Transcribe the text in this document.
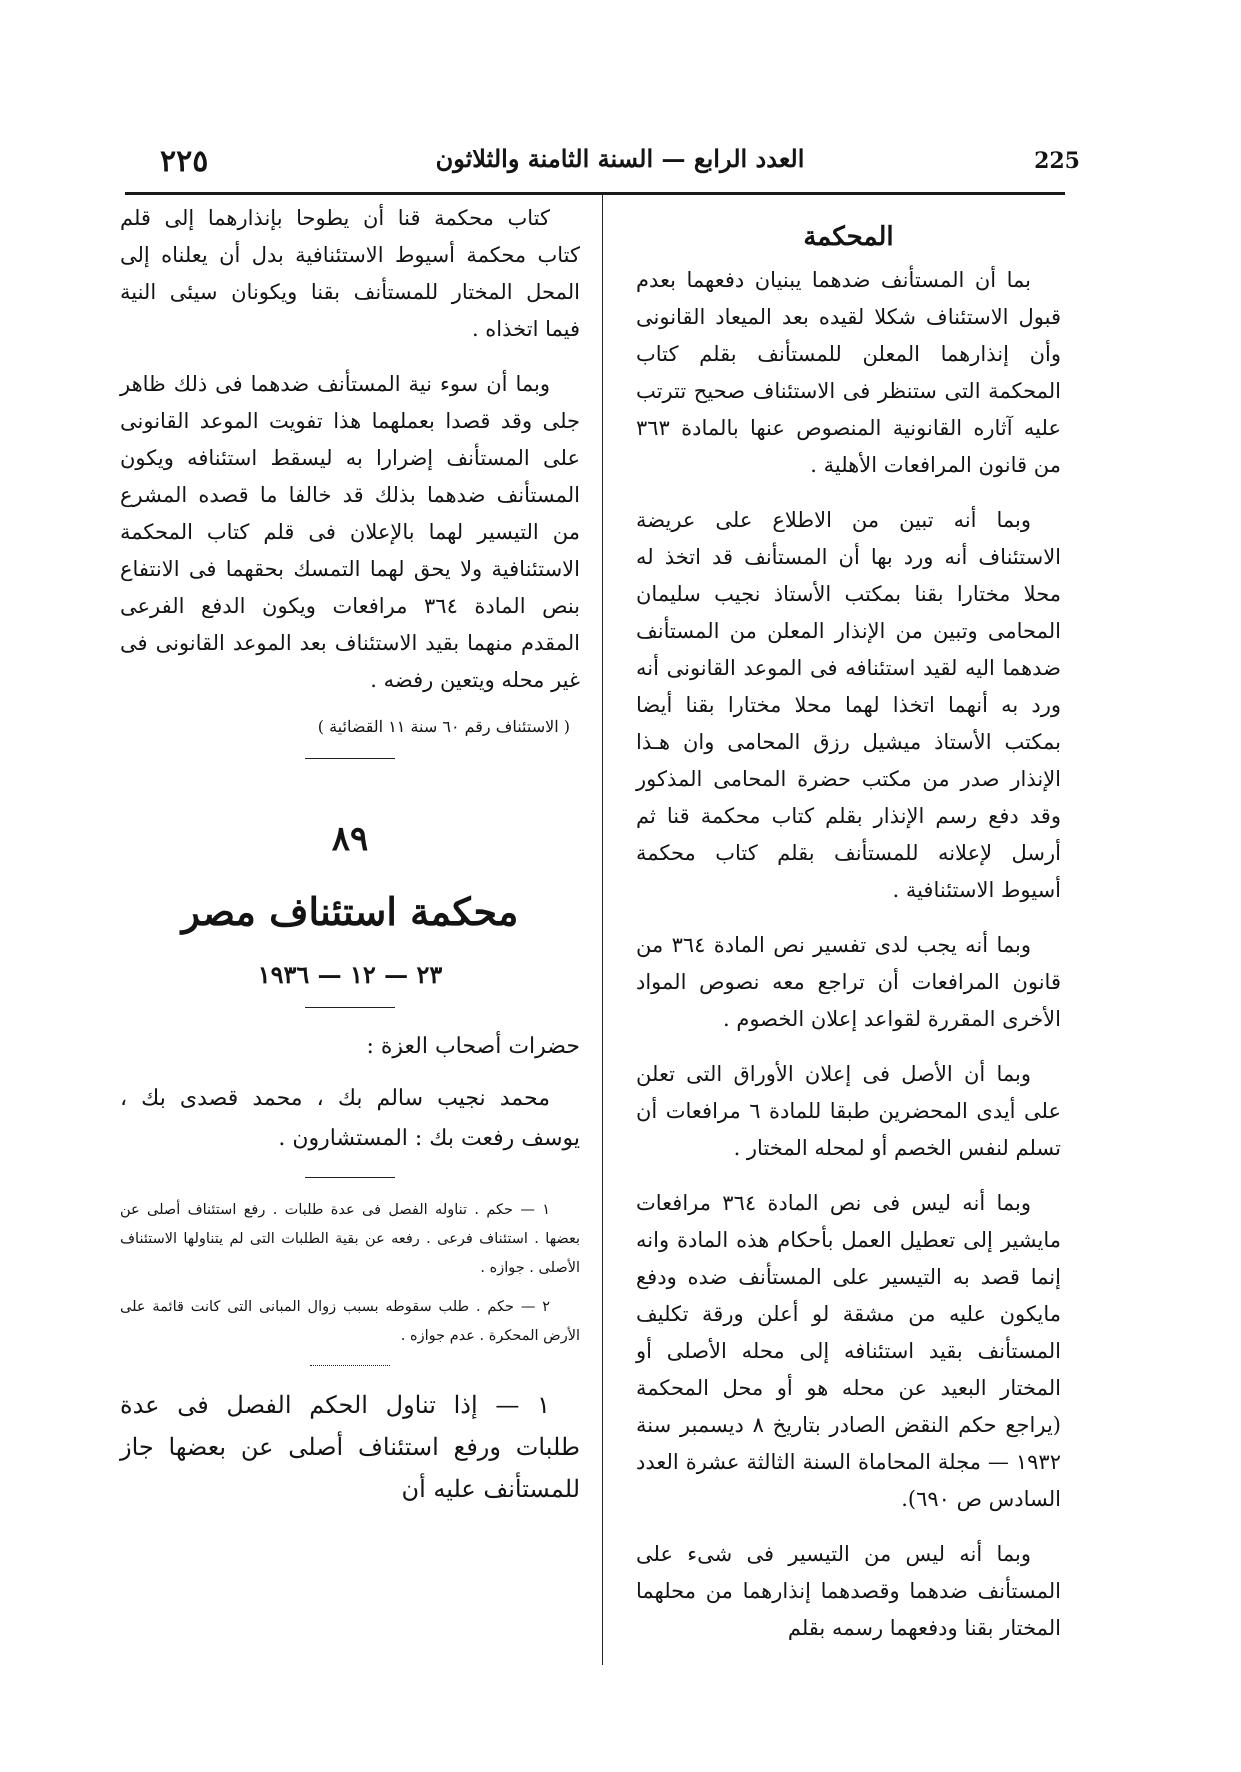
٢٢٥	العدد الرابع — السنة الثامنة والثلاثون	225
المحكمة

بما أن المستأنف ضدهما يبنيان دفعهما بعدم قبول الاستئناف شكلا لقيده بعد الميعاد القانونى وأن إنذارهما المعلن للمستأنف بقلم كتاب المحكمة التى ستنظر فى الاستئناف صحيح تترتب عليه آثاره القانونية المنصوص عنها بالمادة ٣٦٣ من قانون المرافعات الأهلية .

وبما أنه تبين من الاطلاع على عريضة الاستئناف أنه ورد بها أن المستأنف قد اتخذ له محلا مختارا بقنا بمكتب الأستاذ نجيب سليمان المحامى وتبين من الإنذار المعلن من المستأنف ضدهما اليه لقيد استئنافه فى الموعد القانونى أنه ورد به أنهما اتخذا لهما محلا مختارا بقنا أيضا بمكتب الأستاذ ميشيل رزق المحامى وان هـذا الإنذار صدر من مكتب حضرة المحامى المذكور وقد دفع رسم الإنذار بقلم كتاب محكمة قنا ثم أرسل لإعلانه للمستأنف بقلم كتاب محكمة أسيوط الاستئنافية .

وبما أنه يجب لدى تفسير نص المادة ٣٦٤ من قانون المرافعات أن تراجع معه نصوص المواد الأخرى المقررة لقواعد إعلان الخصوم .

وبما أن الأصل فى إعلان الأوراق التى تعلن على أيدى المحضرين طبقا للمادة ٦ مرافعات أن تسلم لنفس الخصم أو لمحله المختار .

وبما أنه ليس فى نص المادة ٣٦٤ مرافعات مايشير إلى تعطيل العمل بأحكام هذه المادة وانه إنما قصد به التيسير على المستأنف ضده ودفع مايكون عليه من مشقة لو أعلن ورقة تكليف المستأنف بقيد استئنافه إلى محله الأصلى أو المختار البعيد عن محله هو أو محل المحكمة (يراجع حكم النقض الصادر بتاريخ ٨ ديسمبر سنة ١٩٣٢ — مجلة المحاماة السنة الثالثة عشرة العدد السادس ص ٦٩٠).

وبما أنه ليس من التيسير فى شىء على المستأنف ضدهما وقصدهما إنذارهما من محلهما المختار بقنا ودفعهما رسمه بقلم

كتاب محكمة قنا أن يطوحا بإنذارهما إلى قلم كتاب محكمة أسيوط الاستئنافية بدل أن يعلناه إلى المحل المختار للمستأنف بقنا ويكونان سيئى النية فيما اتخذاه .

وبما أن سوء نية المستأنف ضدهما فى ذلك ظاهر جلى وقد قصدا بعملهما هذا تفويت الموعد القانونى على المستأنف إضرارا به ليسقط استئنافه ويكون المستأنف ضدهما بذلك قد خالفا ما قصده المشرع من التيسير لهما بالإعلان فى قلم كتاب المحكمة الاستئنافية ولا يحق لهما التمسك بحقهما فى الانتفاع بنص المادة ٣٦٤ مرافعات ويكون الدفع الفرعى المقدم منهما بقيد الاستئناف بعد الموعد القانونى فى غير محله ويتعين رفضه .

( الاستئناف رقم ٦٠ سنة ١١ القضائية )
٨٩
محكمة استئناف مصر
٢٣ — ١٢ — ١٩٣٦

حضرات أصحاب العزة :

محمد نجيب سالم بك ، محمد قصدى بك ، يوسف رفعت بك : المستشارون .

١ — حكم . تناوله الفصل فى عدة طلبات . رفع استئناف أصلى عن بعضها . استئناف فرعى . رفعه عن بقية الطلبات التى لم يتناولها الاستئناف الأصلى . جوازه .

٢ — حكم . طلب سقوطه بسبب زوال المبانى التى كانت قائمة على الأرض المحكرة . عدم جوازه .

١ — إذا تناول الحكم الفصل فى عدة طلبات ورفع استئناف أصلى عن بعضها جاز للمستأنف عليه أن
